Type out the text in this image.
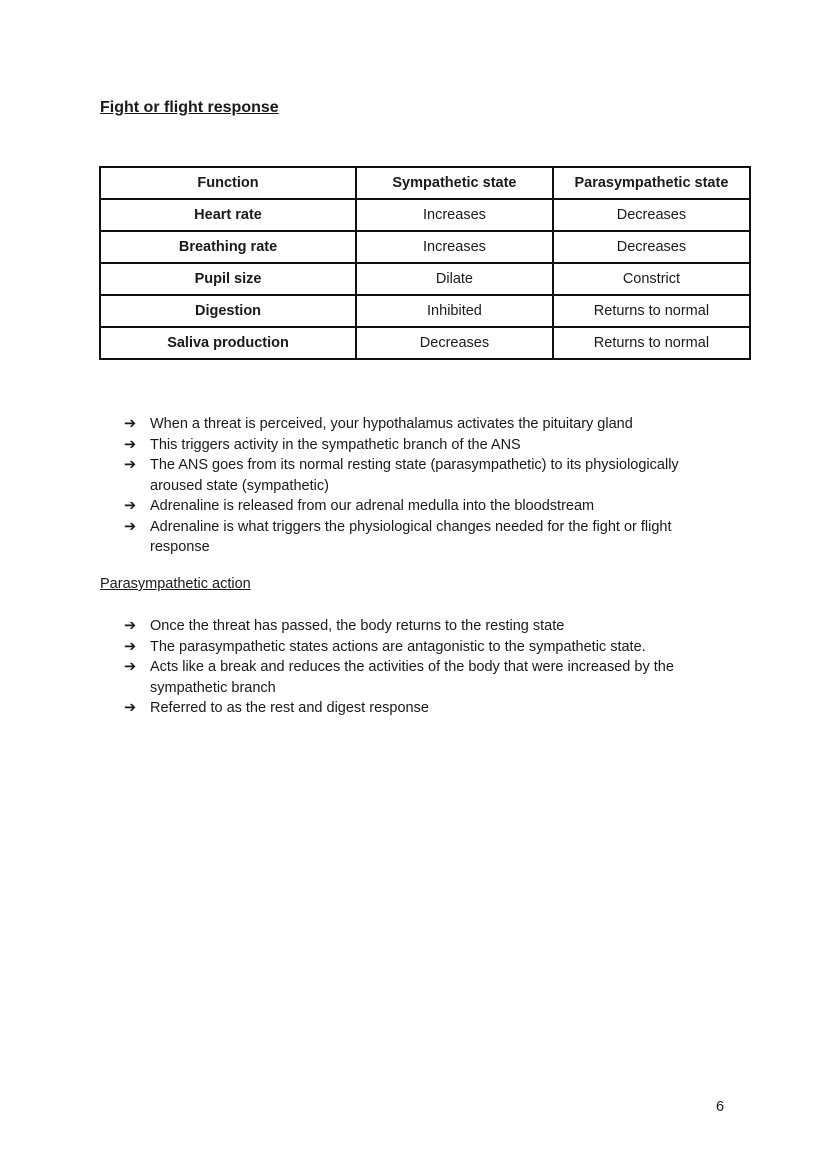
Fight or flight response
Function	Sympathetic state	Parasympathetic state
Heart rate	Increases	Decreases
Breathing rate	Increases	Decreases
Pupil size	Dilate	Constrict
Digestion	Inhibited	Returns to normal
Saliva production	Decreases	Returns to normal
➔ When a threat is perceived, your hypothalamus activates the pituitary gland
➔ This triggers activity in the sympathetic branch of the ANS
➔ The ANS goes from its normal resting state (parasympathetic) to its physiologically aroused state (sympathetic)
➔ Adrenaline is released from our adrenal medulla into the bloodstream
➔ Adrenaline is what triggers the physiological changes needed for the fight or flight response
Parasympathetic action
➔ Once the threat has passed, the body returns to the resting state
➔ The parasympathetic states actions are antagonistic to the sympathetic state.
➔ Acts like a break and reduces the activities of the body that were increased by the sympathetic branch
➔ Referred to as the rest and digest response
6
